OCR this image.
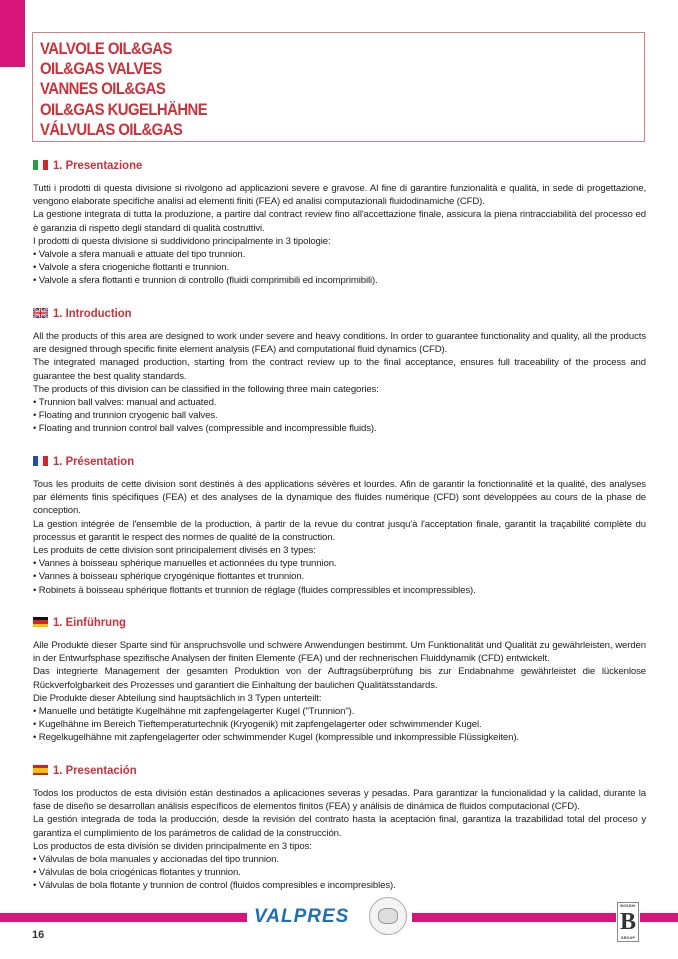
VALVOLE OIL&GAS
OIL&GAS VALVES
VANNES OIL&GAS
OIL&GAS KUGELHÄHNE
VÁLVULAS OIL&GAS
1. Presentazione

Tutti i prodotti di questa divisione si rivolgono ad applicazioni severe e gravose. Al fine di garantire funzionalità e qualità, in sede di progettazione, vengono elaborate specifiche analisi ad elementi finiti (FEA) ed analisi computazionali fluidodinamiche (CFD).

La gestione integrata di tutta la produzione, a partire dal contract review fino all'accettazione finale, assicura la piena rintracciabilità del processo ed è garanzia di rispetto degli standard di qualità costruttivi.

I prodotti di questa divisione si suddividono principalmente in 3 tipologie:

• Valvole a sfera manuali e attuate del tipo trunnion.

• Valvole a sfera criogeniche flottanti e trunnion.

• Valvole a sfera flottanti e trunnion di controllo (fluidi comprimibili ed incomprimibili).

1. Introduction

All the products of this area are designed to work under severe and heavy conditions. In order to guarantee functionality and quality, all the products are designed through specific finite element analysis (FEA) and computational fluid dynamics (CFD).

The integrated managed production, starting from the contract review up to the final acceptance, ensures full traceability of the process and guarantee the best quality standards.

The products of this division can be classified in the following three main categories:

• Trunnion ball valves: manual and actuated.

• Floating and trunnion cryogenic ball valves.

• Floating and trunnion control ball valves (compressible and incompressible fluids).

1. Présentation

Tous les produits de cette division sont destinés à des applications sévères et lourdes. Afin de garantir la fonctionnalité et la qualité, des analyses par éléments finis spécifiques (FEA) et des analyses de la dynamique des fluides numérique (CFD) sont développées au cours de la phase de conception.

La gestion intégrée de l'ensemble de la production, à partir de la revue du contrat jusqu'à l'acceptation finale, garantit la traçabilité complète du processus et garantit le respect des normes de qualité de la construction.

Les produits de cette division sont principalement divisés en 3 types:

• Vannes à boisseau sphérique manuelles et actionnées du type trunnion.

• Vannes à boisseau sphérique cryogénique flottantes et trunnion.

• Robinets à boisseau sphérique flottants et trunnion de réglage (fluides compressibles et incompressibles).

1. Einführung

Alle Produkte dieser Sparte sind für anspruchsvolle und schwere Anwendungen bestimmt. Um Funktionalität und Qualität zu gewährleisten, werden in der Entwurfsphase spezifische Analysen der finiten Elemente (FEA) und der rechnerischen Fluiddynamik (CFD) entwickelt.

Das integrierte Management der gesamten Produktion von der Auftragsüberprüfung bis zur Endabnahme gewährleistet die lückenlose Rückverfolgbarkeit des Prozesses und garantiert die Einhaltung der baulichen Qualitätsstandards.

Die Produkte dieser Abteilung sind hauptsächlich in 3 Typen unterteilt:

• Manuelle und betätigte Kugelhähne mit zapfengelagerter Kugel ("Trunnion").

• Kugelhähne im Bereich Tieftemperaturtechnik (Kryogenik) mit zapfengelagerter oder schwimmender Kugel.

• Regelkugelhähne mit zapfengelagerter oder schwimmender Kugel (kompressible und inkompressible Flüssigkeiten).

1. Presentación

Todos los productos de esta división están destinados a aplicaciones severas y pesadas. Para garantizar la funcionalidad y la calidad, durante la fase de diseño se desarrollan análisis específicos de elementos finitos (FEA) y análisis de dinámica de fluidos computacional (CFD).

La gestión integrada de toda la producción, desde la revisión del contrato hasta la aceptación final, garantiza la trazabilidad total del proceso y garantiza el cumplimiento de los parámetros de calidad de la construcción.

Los productos de esta división se dividen principalmente en 3 tipos:

• Válvulas de bola manuales y accionadas del tipo trunnion.

• Válvulas de bola criogénicas flotantes y trunnion.

• Válvulas de bola flotante y trunnion de control (fluidos compresibles e incompresibles).

VALPRES	BOSSHI
B
GROUP
16
